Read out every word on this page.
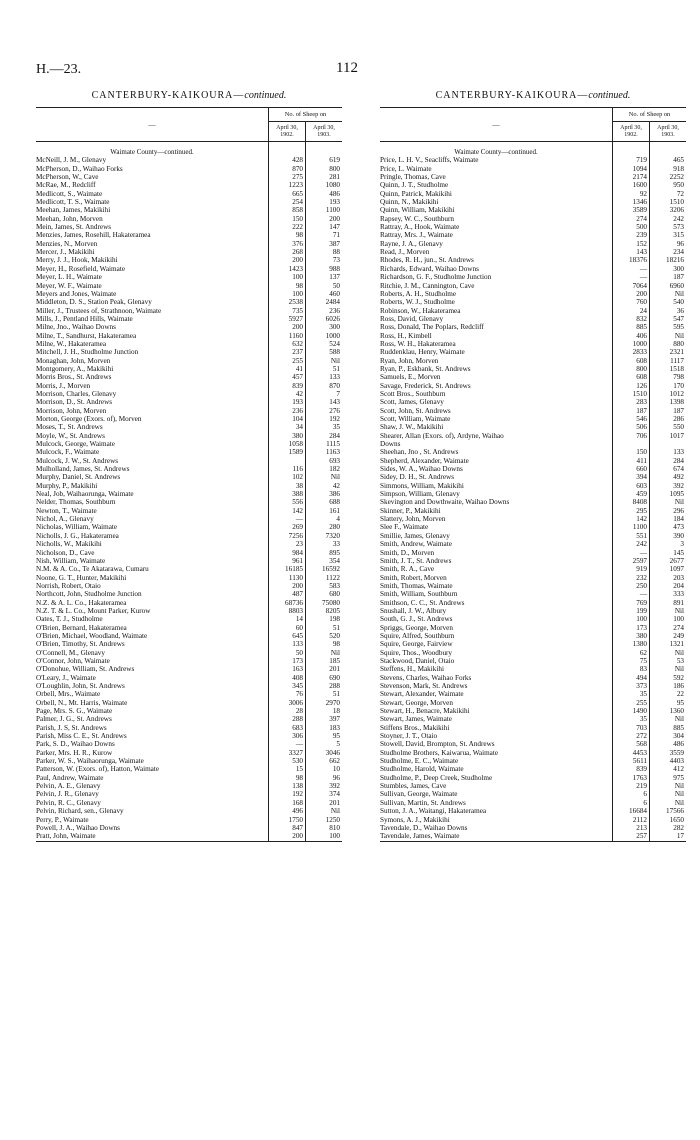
H.—23.	112
CANTERBURY-KAIKOURA—continued.
—	No. of Sheep on	
	April 30, 1902.	April 30, 1903.
Waimate County—continued.		
McNeill, J. M., Glenavy	428	619
McPherson, D., Waihao Forks	870	800
McPherson, W., Cave	275	281
McRae, M., Redcliff	1223	1080
Medlicott, S., Waimate	665	486
Medlicott, T. S., Waimate	254	193
Meehan, James, Makikihi	858	1100
Meehan, John, Morven	150	200
Mein, James, St. Andrews	222	147
Menzies, James, Rosehill, Hakateramea	98	71
Menzies, N., Morven	376	387
Mercer, J., Makikihi	268	88
Merry, J. J., Hook, Makikihi	200	73
Meyer, H., Rosefield, Waimate	1423	988
Meyer, L. H., Waimate	100	137
Meyer, W. F., Waimate	98	50
Meyers and Jones, Waimate	100	460
Middleton, D. S., Station Peak, Glenavy	2538	2484
Miller, J., Trustees of, Strathnoon, Waimate	735	236
Mills, J., Pentland Hills, Waimate	5927	6026
Milne, Jno., Waihao Downs	200	300
Milne, T., Sandhurst, Hakateramea	1160	1000
Milne, W., Hakateramea	632	524
Mitchell, J. H., Studholme Junction	237	588
Monaghan, John, Morven	255	Nil
Montgomery, A., Makikihi	41	51
Morris Bros., St. Andrews	457	133
Morris, J., Morven	839	870
Morrison, Charles, Glenavy	42	7
Morrison, D., St. Andrews	193	143
Morrison, John, Morven	236	276
Morton, George (Exors. of), Morven	104	192
Moses, T., St. Andrews	34	35
Moyle, W., St. Andrews	380	284
Mulcock, George, Waimate	1058	1115
Mulcock, F., Waimate	1589	1163
Mulcock, J. W., St. Andrews		693
Mulholland, James, St. Andrews	116	182
Murphy, Daniel, St. Andrews	102	Nil
Murphy, P., Makikihi	38	42
Neal, Job, Waihaorunga, Waimate	388	386
Nelder, Thomas, Southburn	556	688
Newton, T., Waimate	142	161
Nichol, A., Glenavy	—	4
Nicholas, William, Waimate	269	280
Nicholls, J. G., Hakateramea	7256	7320
Nicholls, W., Makikihi	23	33
Nicholson, D., Cave	984	895
Nish, William, Waimate	961	354
N.M. & A. Co., Te Akatarawa, Cumaru	16185	16592
Noone, G. T., Hunter, Makikihi	1130	1122
Norrish, Robert, Otaio	200	583
Northcott, John, Studholme Junction	487	680
N.Z. & A. L. Co., Hakateramea	68736	75080
N.Z. T. & L. Co., Mount Parker, Kurow	8803	8205
Oates, T. J., Studholme	14	198
O'Brien, Bernard, Hakateramea	60	51
O'Brien, Michael, Woodland, Waimate	645	520
O'Brien, Timothy, St. Andrews	133	98
O'Connell, M., Glenavy	50	Nil
O'Connor, John, Waimate	173	185
O'Donohue, William, St. Andrews	163	201
O'Leary, J., Waimate	408	690
O'Loughlin, John, St. Andrews	345	288
Orbell, Mrs., Waimate	76	51
Orbell, N., Mt. Harris, Waimate	3006	2970
Page, Mrs. S. G., Waimate	28	18
Palmer, J. G., St. Andrews	288	397
Parish, J. S, St. Andrews	683	183
Parish, Miss C. E., St. Andrews	306	95
Park, S. D., Waihao Downs	—	5
Parker, Mrs. H. R., Kurow	3327	3046
Parker, W. S., Waihaorunga, Waimate	530	662
Patterson, W. (Exors. of), Hatton, Waimate	15	10
Paul, Andrew, Waimate	98	96
Pelvin, A. E., Glenavy	138	392
Pelvin, J. R., Glenavy	192	374
Pelvin, R. C., Glenavy	168	201
Pelvin, Richard, sen., Glenavy	496	Nil
Perry, P., Waimate	1750	1250
Powell, J. A., Waihao Downs	847	810
Pratt, John, Waimate	200	100
CANTERBURY-KAIKOURA—continued.
—	No. of Sheep on	
	April 30, 1902.	April 30, 1903.
Waimate County—continued.		
Price, L. H. V., Seacliffs, Waimate	719	465
Price, L. Waimate	1094	918
Pringle, Thomas, Cave	2174	2252
Quinn, J. T., Studholme	1600	950
Quinn, Patrick, Makikihi	92	72
Quinn, N., Makikihi	1346	1510
Quinn, William, Makikihi	3589	3206
Rapsey, W. C., Southburn	274	242
Rattray, A., Hook, Waimate	500	573
Rattray, Mrs. J., Waimate	239	315
Rayne, J. A., Glenavy	152	96
Read, J., Morven	143	234
Rhodes, R. H., jun., St. Andrews	18376	18216
Richards, Edward, Waihao Downs	—	300
Richardson, G. F., Studholme Junction	—	187
Ritchie, J. M., Cannington, Cave	7064	6960
Roberts, A. H., Studholme	200	Nil
Roberts, W. J., Studholme	760	540
Robinson, W., Hakateramea	24	36
Ross, David, Glenavy	832	547
Ross, Donald, The Poplars, Redcliff	885	595
Ross, H., Kimbell	406	Nil
Ross, W. H., Hakateramea	1000	880
Ruddenklau, Henry, Waimate	2833	2321
Ryan, John, Morven	608	1117
Ryan, P., Eskbank, St. Andrews	800	1518
Samuels, E., Morven	608	798
Savage, Frederick, St. Andrews	126	170
Scott Bros., Southburn	1510	1012
Scott, James, Glenavy	283	1398
Scott, John, St. Andrews	187	187
Scott, William, Waimate	546	286
Shaw, J. W., Makikihi	506	550
Shearer, Allan (Exors. of), Ardyne, Waihao	706	1017
Downs		
Sheehan, Jno , St. Andrews	150	133
Shepherd, Alexander, Waimate	411	284
Sides, W. A., Waihao Downs	660	674
Sidey, D. H., St. Andrews	394	492
Simmons, William, Makikihi	603	392
Simpson, William, Glenavy	459	1095
Skevington and Dowthwaite, Waihao Downs	8408	Nil
Skinner, P., Makikihi	295	296
Slattery, John, Morven	142	184
Slee F., Waimate	1100	473
Smillie, James, Glenavy	551	390
Smith, Andrew, Waimate	242	3
Smith, D., Morven	—	145
Smith, J. T., St. Andrews	2597	2677
Smith, R. A., Cave	919	1097
Smith, Robert, Morven	232	203
Smith, Thomas, Waimate	250	204
Smith, William, Southburn	—	333
Smithson, C. C., St. Andrews	769	891
Snushall, J. W., Albury	199	Nil
South, G. J., St. Andrews	100	100
Spriggs, George, Morven	173	274
Squire, Alfred, Southburn	380	249
Squire, George, Fairview	1380	1321
Squire, Thos., Woodbury	62	Nil
Stackwood, Daniel, Otaio	75	53
Steffens, H., Makikihi	83	Nil
Stevens, Charles, Waihao Forks	494	592
Stevenson, Mark, St. Andrews	373	186
Stewart, Alexander, Waimate	35	22
Stewart, George, Morven	255	95
Stewart, H., Benacre, Makikihi	1490	1360
Stewart, James, Waimate	35	Nil
Stiffens Bros., Makikihi	703	885
Stoyner, J. T., Otaio	272	304
Stowell, David, Brompton, St. Andrews	568	486
Studholme Brothers, Kaiwarua, Waimate	4453	3559
Studholme, E. C., Waimate	5611	4403
Studholme, Harold, Waimate	839	412
Studholme, P., Deep Creek, Studholme	1763	975
Stumbles, James, Cave	219	Nil
Sullivan, George, Waimate	6	Nil
Sullivan, Martin, St. Andrews	6	Nil
Sutton, J. A., Waitangi, Hakateramea	16684	17566
Symons, A. J., Makikihi	2112	1650
Tavendale, D., Waihao Downs	213	282
Tavendale, James, Waimate	257	17
